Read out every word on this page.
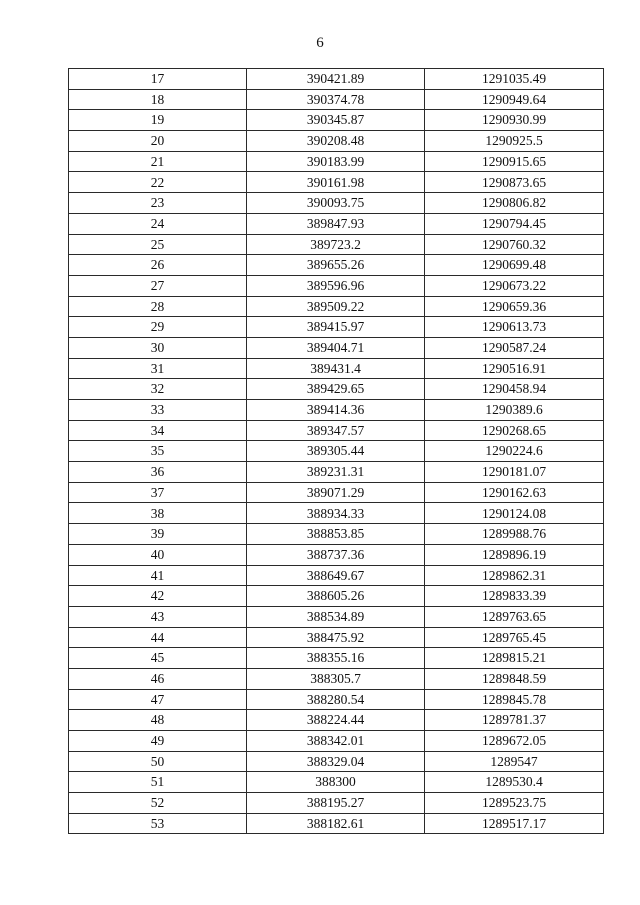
6
17	390421.89	1291035.49
18	390374.78	1290949.64
19	390345.87	1290930.99
20	390208.48	1290925.5
21	390183.99	1290915.65
22	390161.98	1290873.65
23	390093.75	1290806.82
24	389847.93	1290794.45
25	389723.2	1290760.32
26	389655.26	1290699.48
27	389596.96	1290673.22
28	389509.22	1290659.36
29	389415.97	1290613.73
30	389404.71	1290587.24
31	389431.4	1290516.91
32	389429.65	1290458.94
33	389414.36	1290389.6
34	389347.57	1290268.65
35	389305.44	1290224.6
36	389231.31	1290181.07
37	389071.29	1290162.63
38	388934.33	1290124.08
39	388853.85	1289988.76
40	388737.36	1289896.19
41	388649.67	1289862.31
42	388605.26	1289833.39
43	388534.89	1289763.65
44	388475.92	1289765.45
45	388355.16	1289815.21
46	388305.7	1289848.59
47	388280.54	1289845.78
48	388224.44	1289781.37
49	388342.01	1289672.05
50	388329.04	1289547
51	388300	1289530.4
52	388195.27	1289523.75
53	388182.61	1289517.17
